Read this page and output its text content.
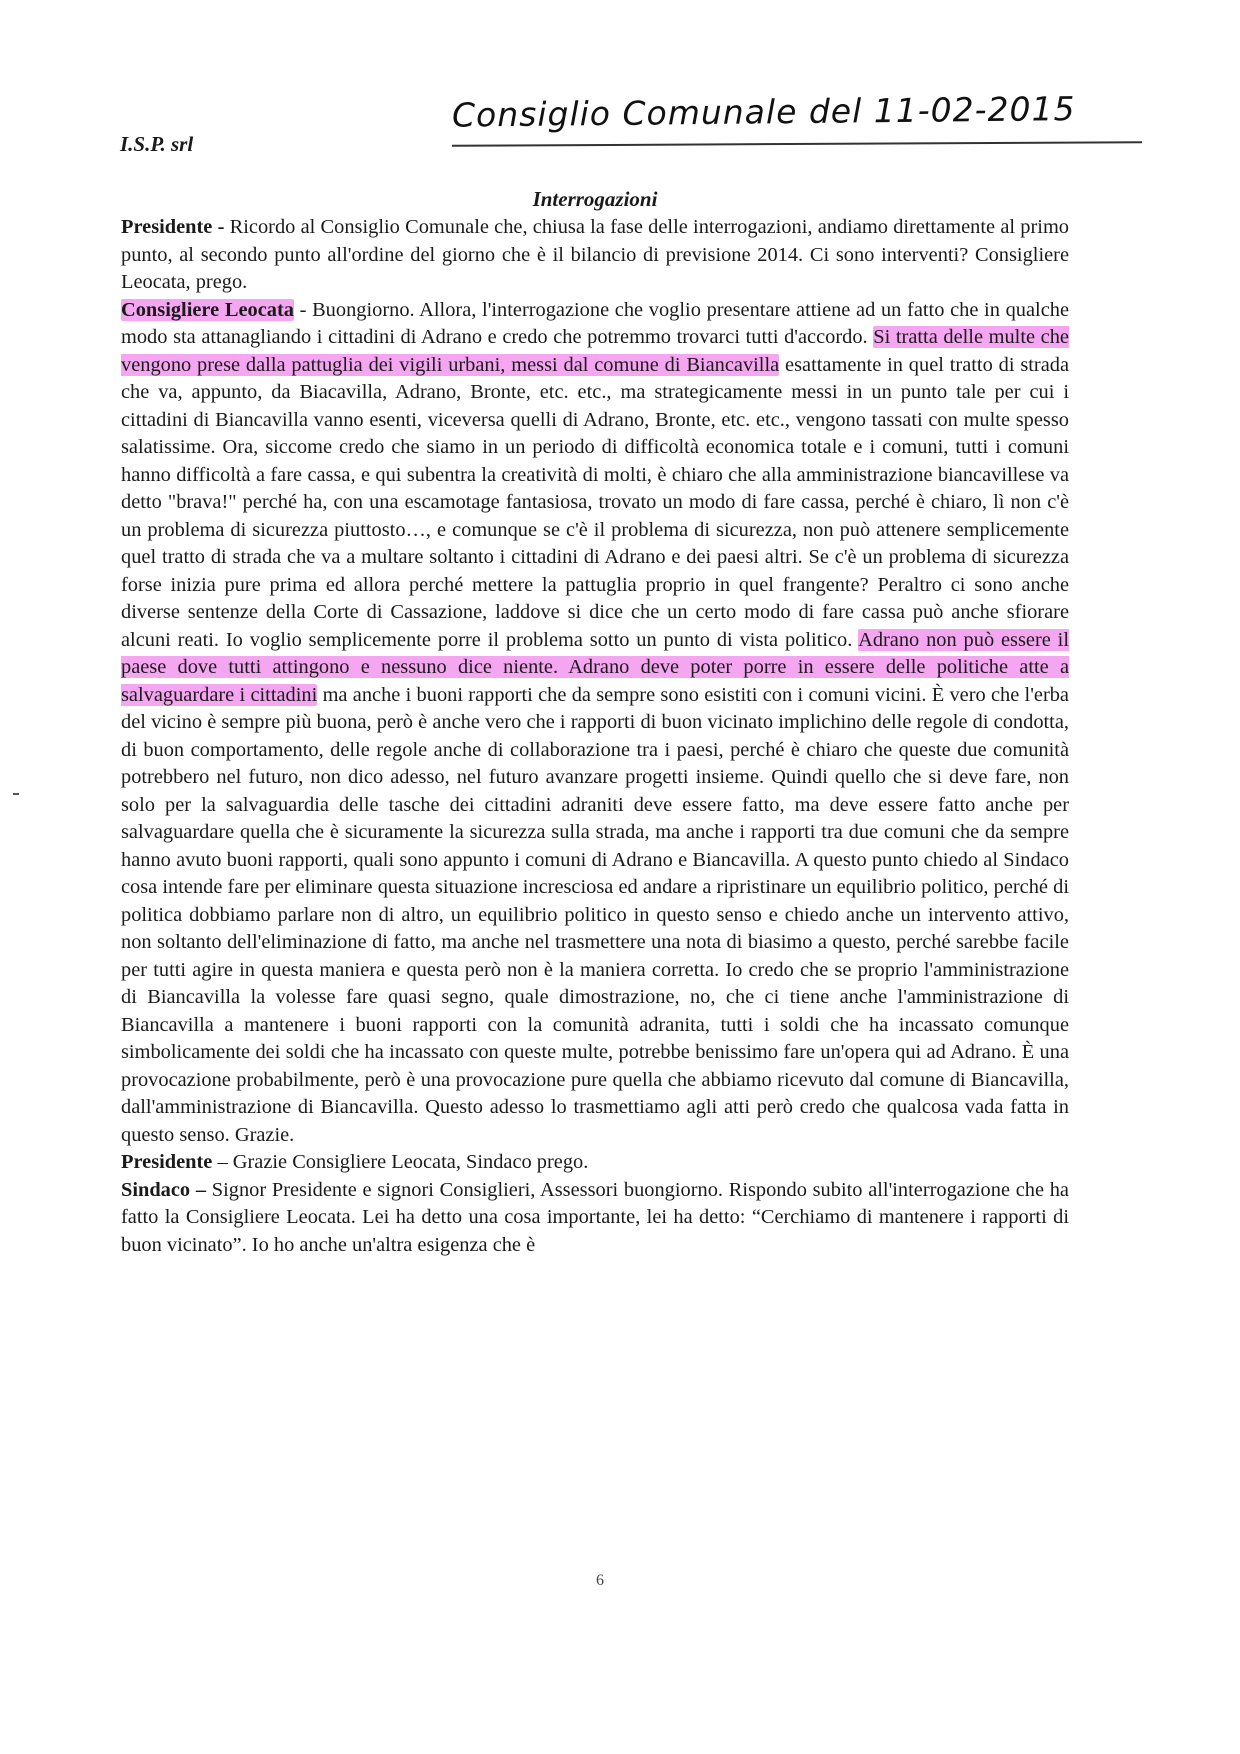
I.S.P. srl
Consiglio Comunale del 11-02-2015
Interrogazioni

Presidente - Ricordo al Consiglio Comunale che, chiusa la fase delle interrogazioni, andiamo direttamente al primo punto, al secondo punto all'ordine del giorno che è il bilancio di previsione 2014. Ci sono interventi? Consigliere Leocata, prego.

Consigliere Leocata - Buongiorno. Allora, l'interrogazione che voglio presentare attiene ad un fatto che in qualche modo sta attanagliando i cittadini di Adrano e credo che potremmo trovarci tutti d'accordo. Si tratta delle multe che vengono prese dalla pattuglia dei vigili urbani, messi dal comune di Biancavilla esattamente in quel tratto di strada che va, appunto, da Biacavilla, Adrano, Bronte, etc. etc., ma strategicamente messi in un punto tale per cui i cittadini di Biancavilla vanno esenti, viceversa quelli di Adrano, Bronte, etc. etc., vengono tassati con multe spesso salatissime. Ora, siccome credo che siamo in un periodo di difficoltà economica totale e i comuni, tutti i comuni hanno difficoltà a fare cassa, e qui subentra la creatività di molti, è chiaro che alla amministrazione biancavillese va detto "brava!" perché ha, con una escamotage fantasiosa, trovato un modo di fare cassa, perché è chiaro, lì non c'è un problema di sicurezza piuttosto…, e comunque se c'è il problema di sicurezza, non può attenere semplicemente quel tratto di strada che va a multare soltanto i cittadini di Adrano e dei paesi altri. Se c'è un problema di sicurezza forse inizia pure prima ed allora perché mettere la pattuglia proprio in quel frangente? Peraltro ci sono anche diverse sentenze della Corte di Cassazione, laddove si dice che un certo modo di fare cassa può anche sfiorare alcuni reati. Io voglio semplicemente porre il problema sotto un punto di vista politico. Adrano non può essere il paese dove tutti attingono e nessuno dice niente. Adrano deve poter porre in essere delle politiche atte a salvaguardare i cittadini ma anche i buoni rapporti che da sempre sono esistiti con i comuni vicini. È vero che l'erba del vicino è sempre più buona, però è anche vero che i rapporti di buon vicinato implichino delle regole di condotta, di buon comportamento, delle regole anche di collaborazione tra i paesi, perché è chiaro che queste due comunità potrebbero nel futuro, non dico adesso, nel futuro avanzare progetti insieme. Quindi quello che si deve fare, non solo per la salvaguardia delle tasche dei cittadini adraniti deve essere fatto, ma deve essere fatto anche per salvaguardare quella che è sicuramente la sicurezza sulla strada, ma anche i rapporti tra due comuni che da sempre hanno avuto buoni rapporti, quali sono appunto i comuni di Adrano e Biancavilla. A questo punto chiedo al Sindaco cosa intende fare per eliminare questa situazione incresciosa ed andare a ripristinare un equilibrio politico, perché di politica dobbiamo parlare non di altro, un equilibrio politico in questo senso e chiedo anche un intervento attivo, non soltanto dell'eliminazione di fatto, ma anche nel trasmettere una nota di biasimo a questo, perché sarebbe facile per tutti agire in questa maniera e questa però non è la maniera corretta. Io credo che se proprio l'amministrazione di Biancavilla la volesse fare quasi segno, quale dimostrazione, no, che ci tiene anche l'amministrazione di Biancavilla a mantenere i buoni rapporti con la comunità adranita, tutti i soldi che ha incassato comunque simbolicamente dei soldi che ha incassato con queste multe, potrebbe benissimo fare un'opera qui ad Adrano. È una provocazione probabilmente, però è una provocazione pure quella che abbiamo ricevuto dal comune di Biancavilla, dall'amministrazione di Biancavilla. Questo adesso lo trasmettiamo agli atti però credo che qualcosa vada fatta in questo senso. Grazie.

Presidente – Grazie Consigliere Leocata, Sindaco prego.

Sindaco – Signor Presidente e signori Consiglieri, Assessori buongiorno. Rispondo subito all'interrogazione che ha fatto la Consigliere Leocata. Lei ha detto una cosa importante, lei ha detto: “Cerchiamo di mantenere i rapporti di buon vicinato”. Io ho anche un'altra esigenza che è

6
